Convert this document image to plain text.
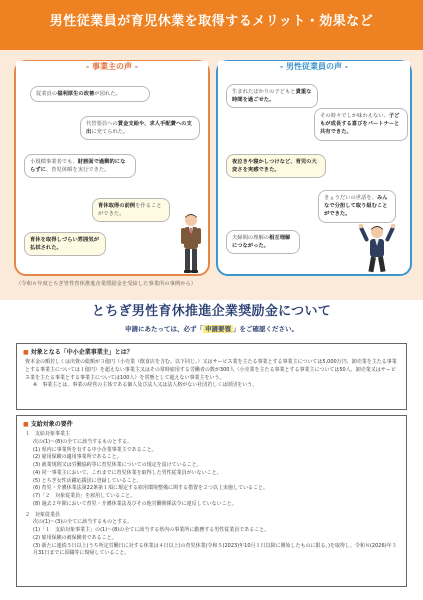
男性従業員が育児休業を取得するメリット・効果など
- 事業主の声 -
従業員の福利厚生の改善が図れた。
代替要員への賃金支給や、求人手配費への支出に充てられた。
小規模事業者でも、財務面で過剰的にならずに、育児休暇を実行できた。
育休取得の前例を作ることができた。
育休を取得しづらい雰囲気が払拭された。
- 男性従業員の声 -
生まれたばかりの子どもと貴重な時間を過ごせた。
その時々でしか味わえない、子どもが成長する喜びをパートナーと共有できた。
夜泣きや寝かしつけなど、育児の大変さを実感できた。
きょうだいの世話を、みんなで分担して取り組むことができた。
夫婦間の理解の相互理解につながった。
（令和６年度とちぎ男性育休推進企業奨励金を受給した事業所の事例から）
とちぎ男性育休推進企業奨励金について
申請にあたっては、必ず「 申請要領 」をご確認ください。
■ 対象となる「中小企業事業主」とは？

資本金の額若しくは出資の総額が３億円（小売業（飲食店を含む。以下同じ。）又はサービス業を主たる事業とする事業主については5,000万円、卸売業を主たる事業とする事業主については１億円）を超えない事業主又はその常時雇用する労働者の数が300人（小売業を主たる事業とする事業主については50人、卸売業又はサービス業を主たる事業とする事業主については100人）を常態として超えない事業主をいう。

※　事業主とは、事業の経営の主体である個人及び法人又は法人格がない社団若しくは財団をいう。

■ 支給対象の要件

１　支給対象事業主

次の(1)～(8)の全てに該当するものとする。

(1) 県内に事業所を有する中小企業事業主であること。

(2) 雇用保険の適用事業所であること。

(3) 就業規則又は労働協約等に育児休業についての規定を設けていること。

(4) 同一事業主において、これまでに育児休業を取得した男性従業員がいないこと。

(5) とちぎ女性活躍応援団に登録していること。

(6) 育児・介護休業法第22条第１項に規定する雇用環境整備に関する措置を２つ以上実施していること。

(7)「２　対象従業員」を雇用していること。

(8) 過去２年間において育児・介護休業法及びその他労働関係法令に違反していないこと。

２　対象従業員

次の(1)～(3)の全てに該当するものとする。

(1)「１　支給対象事業主」の(1)～(8)の全てに該当する県内の事業所に勤務する男性従業員であること。

(2) 雇用保険の被保険者であること。

(3) 新たに連続５日以上(うち所定労働日に対する休業は４日以上)の育児休業(令和５(2023)年10月１日以降に開始したものに限る。)を取得し、令和８(2026)年３月31日までに原職等に復帰していること。
